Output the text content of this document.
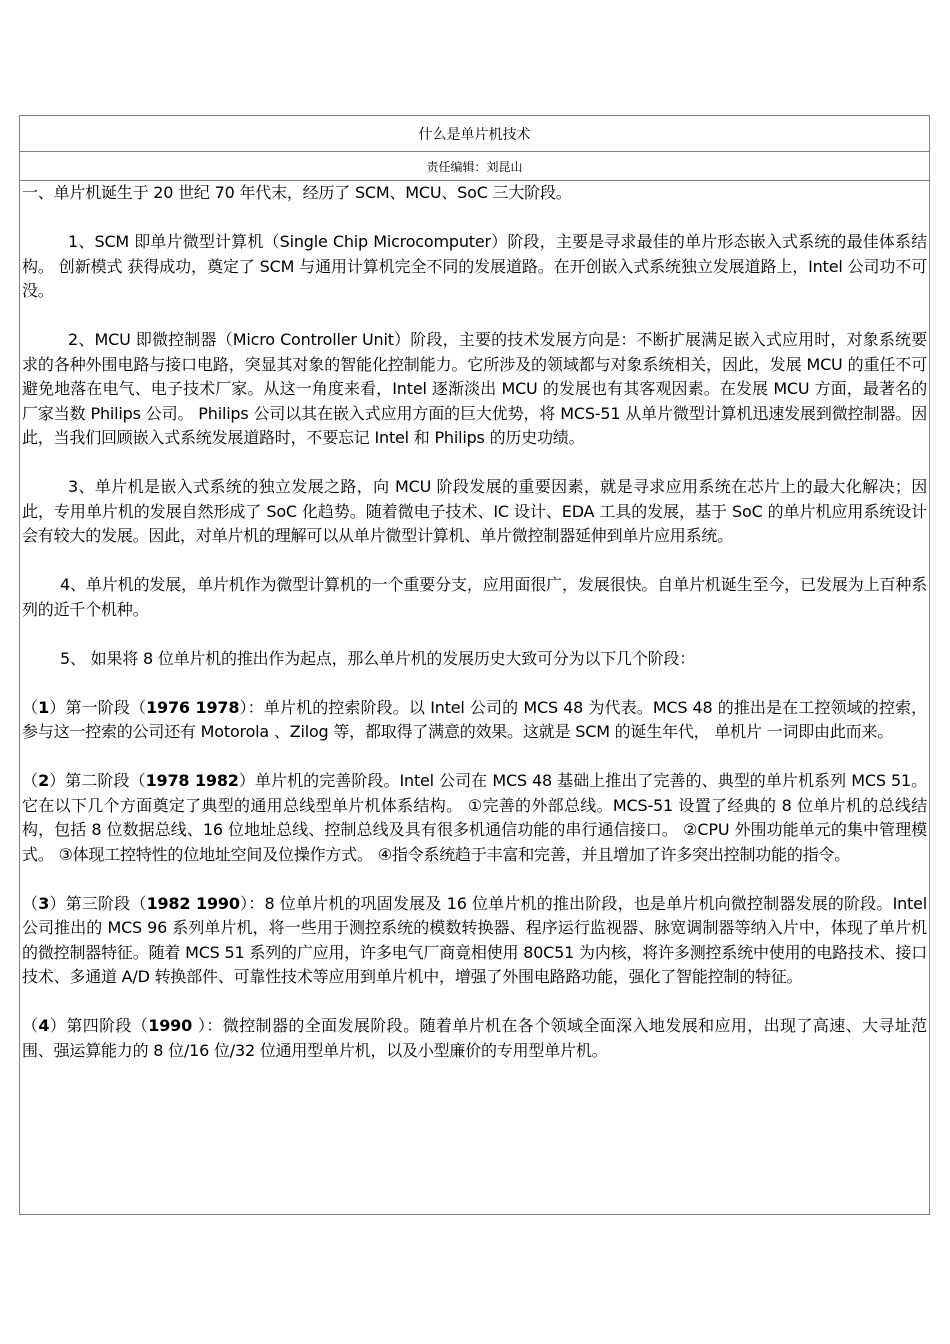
什么是单片机技术
责任编辑：刘昆山

一、单片机诞生于 20 世纪 70 年代末，经历了 SCM、MCU、SoC 三大阶段。

1、SCM 即单片微型计算机（Single Chip Microcomputer）阶段，主要是寻求最佳的单片形态嵌入式系统的最佳体系结构。 创新模式 获得成功，奠定了 SCM 与通用计算机完全不同的发展道路。在开创嵌入式系统独立发展道路上，Intel 公司功不可没。

2、MCU 即微控制器（Micro Controller Unit）阶段，主要的技术发展方向是：不断扩展满足嵌入式应用时，对象系统要求的各种外围电路与接口电路，突显其对象的智能化控制能力。它所涉及的领域都与对象系统相关，因此，发展 MCU 的重任不可避免地落在电气、电子技术厂家。从这一角度来看，Intel 逐渐淡出 MCU 的发展也有其客观因素。在发展 MCU 方面，最著名的厂家当数 Philips 公司。 Philips 公司以其在嵌入式应用方面的巨大优势，将 MCS-51 从单片微型计算机迅速发展到微控制器。因此，当我们回顾嵌入式系统发展道路时，不要忘记 Intel 和 Philips 的历史功绩。

3、单片机是嵌入式系统的独立发展之路，向 MCU 阶段发展的重要因素，就是寻求应用系统在芯片上的最大化解决；因此，专用单片机的发展自然形成了 SoC 化趋势。随着微电子技术、IC 设计、EDA 工具的发展，基于 SoC 的单片机应用系统设计会有较大的发展。因此，对单片机的理解可以从单片微型计算机、单片微控制器延伸到单片应用系统。

4、单片机的发展，单片机作为微型计算机的一个重要分支，应用面很广，发展很快。自单片机诞生至今，已发展为上百种系列的近千个机种。

5、 如果将 8 位单片机的推出作为起点，那么单片机的发展历史大致可分为以下几个阶段：

（1）第一阶段（1976 1978）：单片机的控索阶段。以 Intel 公司的 MCS 48 为代表。MCS 48 的推出是在工控领域的控索，参与这一控索的公司还有 Motorola 、Zilog 等，都取得了满意的效果。这就是 SCM 的诞生年代， 单机片 一词即由此而来。

（2）第二阶段（1978 1982）单片机的完善阶段。Intel 公司在 MCS 48 基础上推出了完善的、典型的单片机系列 MCS 51。它在以下几个方面奠定了典型的通用总线型单片机体系结构。 ①完善的外部总线。MCS-51 设置了经典的 8 位单片机的总线结构，包括 8 位数据总线、16 位地址总线、控制总线及具有很多机通信功能的串行通信接口。 ②CPU 外围功能单元的集中管理模式。 ③体现工控特性的位地址空间及位操作方式。 ④指令系统趋于丰富和完善，并且增加了许多突出控制功能的指令。

（3）第三阶段（1982 1990）：8 位单片机的巩固发展及 16 位单片机的推出阶段，也是单片机向微控制器发展的阶段。Intel 公司推出的 MCS 96 系列单片机，将一些用于测控系统的模数转换器、程序运行监视器、脉宽调制器等纳入片中，体现了单片机的微控制器特征。随着 MCS 51 系列的广应用，许多电气厂商竟相使用 80C51 为内核，将许多测控系统中使用的电路技术、接口技术、多通道 A/D 转换部件、可靠性技术等应用到单片机中，增强了外围电路路功能，强化了智能控制的特征。

（4）第四阶段（1990 ）：微控制器的全面发展阶段。随着单片机在各个领域全面深入地发展和应用，出现了高速、大寻址范围、强运算能力的 8 位/16 位/32 位通用型单片机，以及小型廉价的专用型单片机。
